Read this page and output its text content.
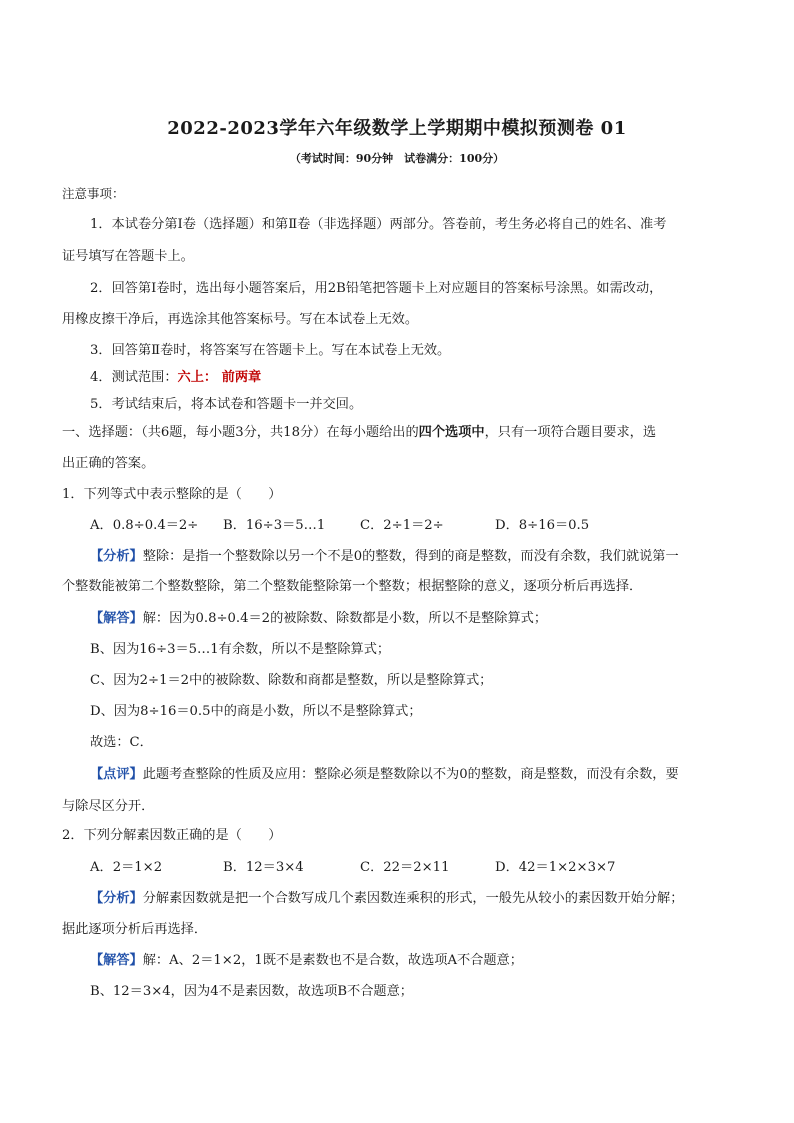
2022-2023学年六年级数学上学期期中模拟预测卷 01
（考试时间：90分钟　试卷满分：100分）
注意事项：
1．本试卷分第Ⅰ卷（选择题）和第Ⅱ卷（非选择题）两部分。答卷前，考生务必将自己的姓名、准考
证号填写在答题卡上。
2．回答第Ⅰ卷时，选出每小题答案后，用2B铅笔把答题卡上对应题目的答案标号涂黑。如需改动，
用橡皮擦干净后，再选涂其他答案标号。写在本试卷上无效。
3．回答第Ⅱ卷时，将答案写在答题卡上。写在本试卷上无效。
4．测试范围：六上： 前两章
5．考试结束后，将本试卷和答题卡一并交回。
一、选择题：（共6题，每小题3分，共18分）在每小题给出的四个选项中，只有一项符合题目要求，选
出正确的答案。
1．下列等式中表示整除的是（　　）
A．0.8÷0.4＝2÷ B．16÷3＝5…1	C．2÷1＝2÷	D．8÷16＝0.5
【分析】整除：是指一个整数除以另一个不是0的整数，得到的商是整数，而没有余数，我们就说第一
个整数能被第二个整数整除，第二个整数能整除第一个整数；根据整除的意义，逐项分析后再选择．
【解答】解：因为0.8÷0.4＝2的被除数、除数都是小数，所以不是整除算式；
B、因为16÷3＝5…1有余数，所以不是整除算式；
C、因为2÷1＝2中的被除数、除数和商都是整数，所以是整除算式；
D、因为8÷16＝0.5中的商是小数，所以不是整除算式；
故选：C．
【点评】此题考查整除的性质及应用：整除必须是整数除以不为0的整数，商是整数，而没有余数，要
与除尽区分开．
2．下列分解素因数正确的是（　　）
A．2＝1×2	B．12＝3×4	C．22＝2×11	D．42＝1×2×3×7
【分析】分解素因数就是把一个合数写成几个素因数连乘积的形式，一般先从较小的素因数开始分解；
据此逐项分析后再选择．
【解答】解：A、2＝1×2，1既不是素数也不是合数，故选项A不合题意；
B、12＝3×4，因为4不是素因数，故选项B不合题意；
